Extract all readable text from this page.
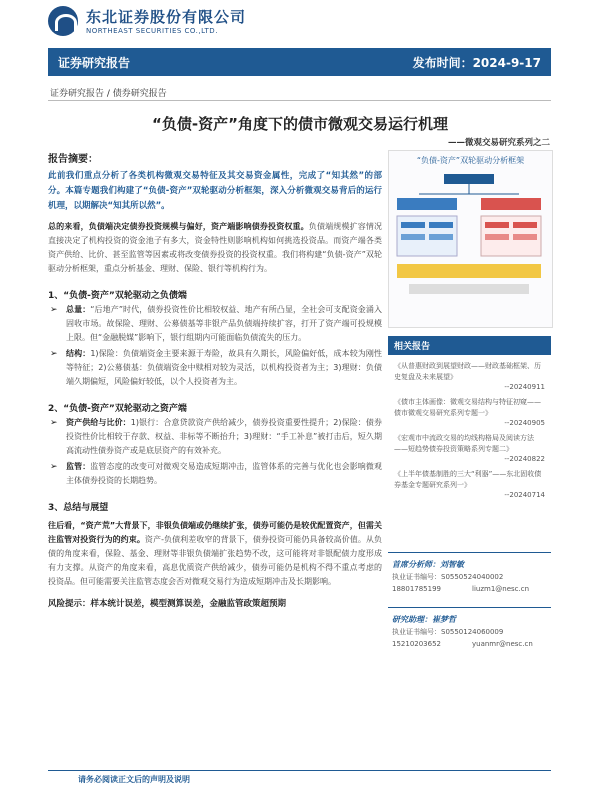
东北证券股份有限公司
NORTHEAST SECURITIES CO.,LTD.
证券研究报告	发布时间：2024-9-17
证券研究报告 / 债券研究报告
“负债-资产”角度下的债市微观交易运行机理
——微观交易研究系列之二
报告摘要：
此前我们重点分析了各类机构微观交易特征及其交易资金属性，完成了“知其然”的部分。本篇专题我们构建了“负债-资产”双轮驱动分析框架，深入分析微观交易背后的运行机理，以期解决“知其所以然”。
总的来看，负债端决定债券投资规模与偏好，资产端影响债券投资权重。负债端规模扩容情况直接决定了机构投资的资金池子有多大，资金特性则影响机构如何挑选投资品。而资产端各类资产供给、比价、甚至监管等因素或将改变债券投资的投资权重。我们将构建“负债-资产”双轮驱动分析框架，重点分析基金、理财、保险、银行等机构行为。
1、“负债-资产”双轮驱动之负债端
➢ 总量：“后地产”时代，债券投资性价比相较权益、地产有所凸显，全社会可支配资金涌入固收市场。故保险、理财、公募债基等非银产品负债端持续扩容，打开了资产端可投规模上限。但“金融脱媒”影响下，银行组期内可能面临负债流失的压力。
➢ 结构：1)保险：负债端资金主要来源于寿险，故具有久期长，风险偏好低，成本较为刚性等特征；2)公募债基：负债端资金中赎相对较为灵活，以机构投资者为主；3)理财：负债端久期偏短，风险偏好较低，以个人投资者为主。
2、“负债-资产”双轮驱动之资产端
➢ 资产供给与比价：1)银行：合意贷款资产供给减少，债券投资重要性提升；2)保险：债券投资性价比相较于存款、权益、非标等不断抬升；3)理财：“手工补息”被打击后，短久期高流动性债券资产或是底层资产的有效补充。
➢ 监管：监管态度的改变可对微观交易造成短期冲击，监管体系的完善与优化也会影响微观主体债券投资的长期趋势。
3、总结与展望
往后看，“资产荒”大背景下，非银负债端或仍继续扩张，债券可能仍是较优配置资产，但需关注监管对投资行为的约束。资产-负债利差收窄的背景下，债券投资可能仍具备较高价值。从负债的角度来看，保险、基金、理财等非银负债端扩张趋势不改，这可能将对非银配债力度形成有力支撑。从资产的角度来看，高息优质资产供给减少，债券可能仍是机构不得不重点考虑的投资品。但可能需要关注监管态度会否对微观交易行为造成短期冲击及长期影响。
风险提示：样本统计误差，模型测算误差，金融监管政策超预期
“负债-资产”双轮驱动分析框架
相关报告
《从普惠财政到展望财政——财政基础框架、历史复盘及未来展望》
--20240911
《债市主体画像：微观交易结构与特征初窥——债市微观交易研究系列专题一》
--20240905
《宏观市中流政交易的均线构格局及阅读方法——短趋势债券投资策略系列专题二》
--20240822
《上半年债基制胜的三大“利器”——东北固收债券基金专题研究系列一》
--20240714
首席分析师：刘智敏
执业证书编号：S0550524040002
18801785199	liuzm1@nesc.cn
研究助理：崔梦哲
执业证书编号：S0550124060009
15210203652	yuanmr@nesc.cn
请务必阅读正文后的声明及说明
